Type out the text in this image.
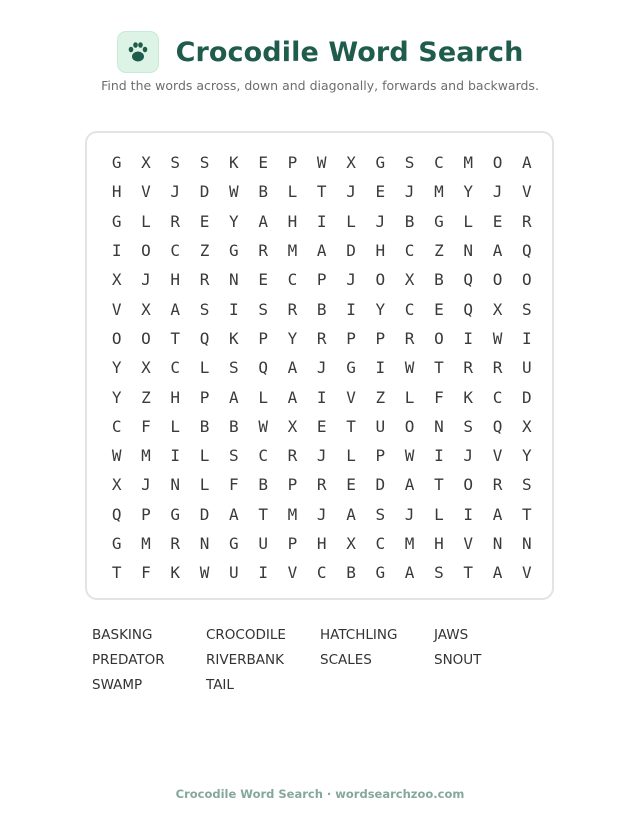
Crocodile Word Search
Find the words across, down and diagonally, forwards and backwards.
G	X	S	S	K	E	P	W	X	G	S	C	M	O	A
H	V	J	D	W	B	L	T	J	E	J	M	Y	J	V
G	L	R	E	Y	A	H	I	L	J	B	G	L	E	R
I	O	C	Z	G	R	M	A	D	H	C	Z	N	A	Q
X	J	H	R	N	E	C	P	J	O	X	B	Q	O	O
V	X	A	S	I	S	R	B	I	Y	C	E	Q	X	S
O	O	T	Q	K	P	Y	R	P	P	R	O	I	W	I
Y	X	C	L	S	Q	A	J	G	I	W	T	R	R	U
Y	Z	H	P	A	L	A	I	V	Z	L	F	K	C	D
C	F	L	B	B	W	X	E	T	U	O	N	S	Q	X
W	M	I	L	S	C	R	J	L	P	W	I	J	V	Y
X	J	N	L	F	B	P	R	E	D	A	T	O	R	S
Q	P	G	D	A	T	M	J	A	S	J	L	I	A	T
G	M	R	N	G	U	P	H	X	C	M	H	V	N	N
T	F	K	W	U	I	V	C	B	G	A	S	T	A	V
BASKING	CROCODILE	HATCHLING	JAWS
PREDATOR	RIVERBANK	SCALES	SNOUT
SWAMP	TAIL
Crocodile Word Search · wordsearchzoo.com
